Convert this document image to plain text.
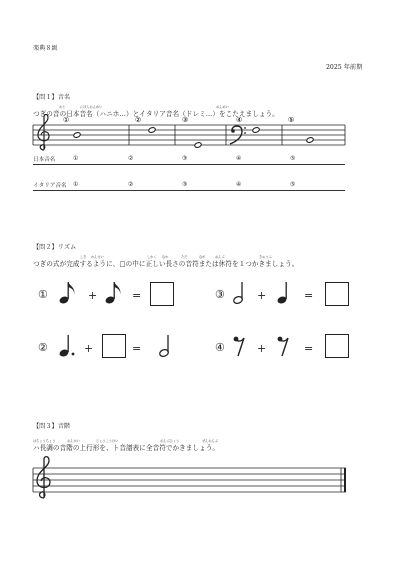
楽典８級
2025 年前期
【問１】音名
おと	にほんおんめい	おんめい
つぎの音の日本音名（ハニホ…）とイタリア音名（ドレミ…）をこたえましょう。
①	②	③	④	⑤
日本音名	①	②	③	④	⑤
イタリア音名 ①	②	③	④	⑤
【問２】リズム
しき かんせい	しかく なか	ただ	なが	おんぷ	きゅうふ
つぎの式が完成するように、□の中に正しい長さの音符または休符を１つかきましょう。
①	+	=	③	+	=
②	+	=	④	+	=
【問３】音階
はちょうちょう	おんかい	じょうこうけい	おんぷひょう	ぜんおんぷ
ハ長調の音階の上行形を、ト音譜表に全音符でかきましょう。
